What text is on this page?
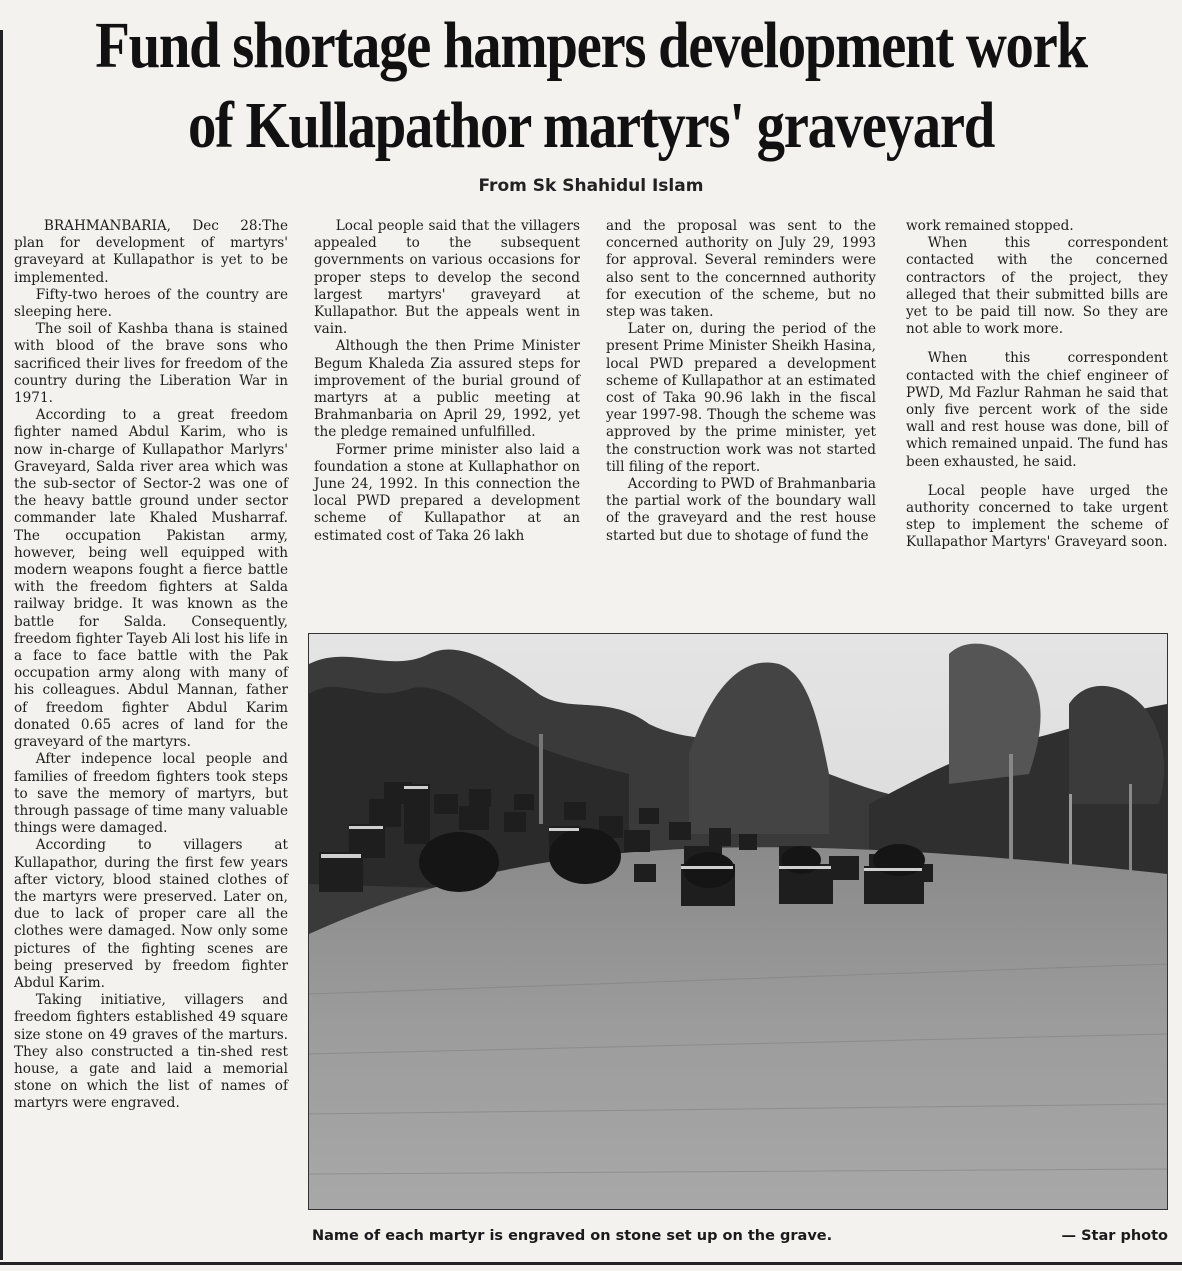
Fund shortage hampers development work
of Kullapathor martyrs' graveyard
From Sk Shahidul Islam

BRAHMANBARIA, Dec 28:The plan for development of martyrs' graveyard at Kullapathor is yet to be implemented.

Fifty-two heroes of the country are sleeping here.

The soil of Kashba thana is stained with blood of the brave sons who sacrificed their lives for freedom of the country during the Liberation War in 1971.

According to a great freedom fighter named Abdul Karim, who is now in-charge of Kullapathor Marlyrs' Graveyard, Salda river area which was the sub-sector of Sector-2 was one of the heavy battle ground under sector commander late Khaled Musharraf. The occupation Pakistan army, however, being well equipped with modern weapons fought a fierce battle with the freedom fighters at Salda railway bridge. It was known as the battle for Salda. Consequently, freedom fighter Tayeb Ali lost his life in a face to face battle with the Pak occupation army along with many of his colleagues. Abdul Mannan, father of freedom fighter Abdul Karim donated 0.65 acres of land for the graveyard of the martyrs.

After indepence local people and families of freedom fighters took steps to save the memory of martyrs, but through passage of time many valuable things were damaged.

According to villagers at Kullapathor, during the first few years after victory, blood stained clothes of the martyrs were preserved. Later on, due to lack of proper care all the clothes were damaged. Now only some pictures of the fighting scenes are being preserved by freedom fighter Abdul Karim.

Taking initiative, villagers and freedom fighters established 49 square size stone on 49 graves of the marturs. They also constructed a tin-shed rest house, a gate and laid a memorial stone on which the list of names of martyrs were engraved.

Local people said that the villagers appealed to the subsequent governments on various occasions for proper steps to develop the second largest martyrs' graveyard at Kullapathor. But the appeals went in vain.

Although the then Prime Minister Begum Khaleda Zia assured steps for improvement of the burial ground of martyrs at a public meeting at Brahmanbaria on April 29, 1992, yet the pledge remained unfulfilled.

Former prime minister also laid a foundation a stone at Kullaphathor on June 24, 1992. In this connection the local PWD prepared a development scheme of Kullapathor at an estimated cost of Taka 26 lakh

and the proposal was sent to the concerned authority on July 29, 1993 for approval. Several reminders were also sent to the concernned authority for execution of the scheme, but no step was taken.

Later on, during the period of the present Prime Minister Sheikh Hasina, local PWD prepared a development scheme of Kullapathor at an estimated cost of Taka 90.96 lakh in the fiscal year 1997-98. Though the scheme was approved by the prime minister, yet the construction work was not started till filing of the report.

According to PWD of Brahmanbaria the partial work of the boundary wall of the graveyard and the rest house started but due to shotage of fund the

work remained stopped.

When this correspondent contacted with the concerned contractors of the project, they alleged that their submitted bills are yet to be paid till now. So they are not able to work more.

When this correspondent contacted with the chief engineer of PWD, Md Fazlur Rahman he said that only five percent work of the side wall and rest house was done, bill of which remained unpaid. The fund has been exhausted, he said.

Local people have urged the authority concerned to take urgent step to implement the scheme of Kullapathor Martyrs' Graveyard soon.

Name of each martyr is engraved on stone set up on the grave.	— Star photo
